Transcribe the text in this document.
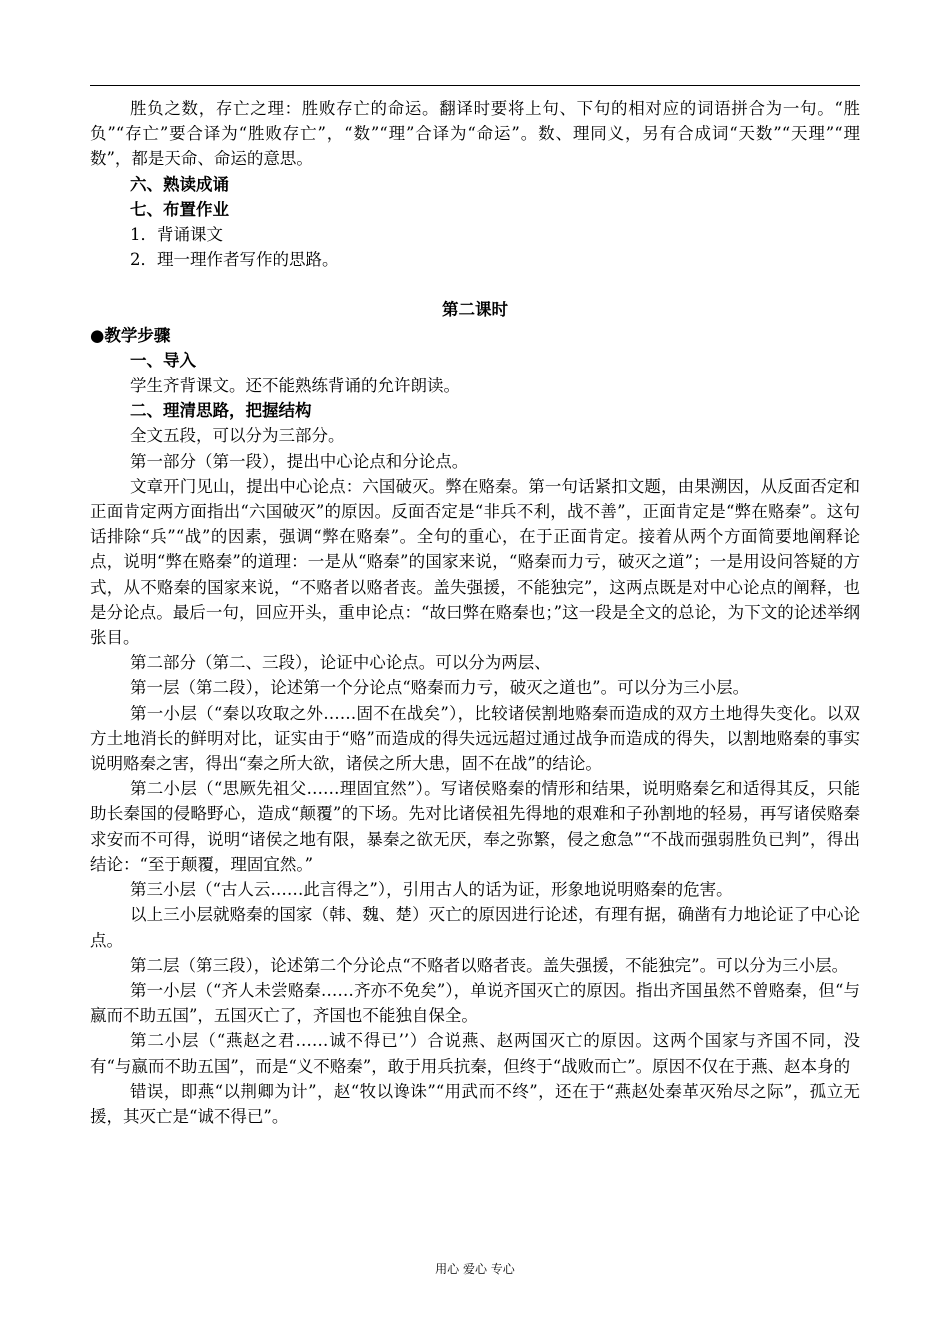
胜负之数，存亡之理：胜败存亡的命运。翻译时要将上句、下句的相对应的词语拼合为一句。“胜负”“存亡”要合译为“胜败存亡”，“数”“理”合译为“命运”。数、理同义，另有合成词“天数”“天理”“理数”，都是天命、命运的意思。

六、熟读成诵

七、布置作业

1．背诵课文

2．理一理作者写作的思路。

第二课时

●教学步骤

一、导入

学生齐背课文。还不能熟练背诵的允许朗读。

二、理清思路，把握结构

全文五段，可以分为三部分。

第一部分（第一段），提出中心论点和分论点。

文章开门见山，提出中心论点：六国破灭。弊在赂秦。第一句话紧扣文题，由果溯因，从反面否定和正面肯定两方面指出“六国破灭”的原因。反面否定是“非兵不利，战不善”，正面肯定是“弊在赂秦”。这句话排除“兵”“战”的因素，强调“弊在赂秦”。全句的重心，在于正面肯定。接着从两个方面简要地阐释论点，说明“弊在赂秦”的道理：一是从“赂秦”的国家来说，“赂秦而力亏，破灭之道”；一是用设问答疑的方式，从不赂秦的国家来说，“不赂者以赂者丧。盖失强援，不能独完”，这两点既是对中心论点的阐释，也是分论点。最后一句，回应开头，重申论点：“故曰弊在赂秦也；”这一段是全文的总论，为下文的论述举纲张目。

第二部分（第二、三段），论证中心论点。可以分为两层、

第一层（第二段），论述第一个分论点“赂秦而力亏，破灭之道也”。可以分为三小层。

第一小层（“秦以攻取之外……固不在战矣”），比较诸侯割地赂秦而造成的双方土地得失变化。以双方土地消长的鲜明对比，证实由于“赂”而造成的得失远远超过通过战争而造成的得失，以割地赂秦的事实说明赂秦之害，得出“秦之所大欲，诸侯之所大患，固不在战”的结论。

第二小层（“思厥先祖父……理固宜然”）。写诸侯赂秦的情形和结果，说明赂秦乞和适得其反，只能助长秦国的侵略野心，造成“颠覆”的下场。先对比诸侯祖先得地的艰难和子孙割地的轻易，再写诸侯赂秦求安而不可得，说明“诸侯之地有限，暴秦之欲无厌，奉之弥繁，侵之愈急”“不战而强弱胜负已判”，得出结论：“至于颠覆，理固宜然。”

第三小层（“古人云……此言得之”），引用古人的话为证，形象地说明赂秦的危害。

以上三小层就赂秦的国家（韩、魏、楚）灭亡的原因进行论述，有理有据，确凿有力地论证了中心论点。

第二层（第三段），论述第二个分论点“不赂者以赂者丧。盖失强援，不能独完”。可以分为三小层。

第一小层（“齐人未尝赂秦……齐亦不免矣”），单说齐国灭亡的原因。指出齐国虽然不曾赂秦，但“与嬴而不助五国”，五国灭亡了，齐国也不能独自保全。

第二小层（“燕赵之君……诚不得已’’）合说燕、赵两国灭亡的原因。这两个国家与齐国不同，没有“与嬴而不助五国”，而是“义不赂秦”，敢于用兵抗秦，但终于“战败而亡”。原因不仅在于燕、赵本身的

错误，即燕“以荆卿为计”，赵“牧以谗诛”“用武而不终”，还在于“燕赵处秦革灭殆尽之际”，孤立无援，其灭亡是“诚不得已”。

用心 爱心 专心
